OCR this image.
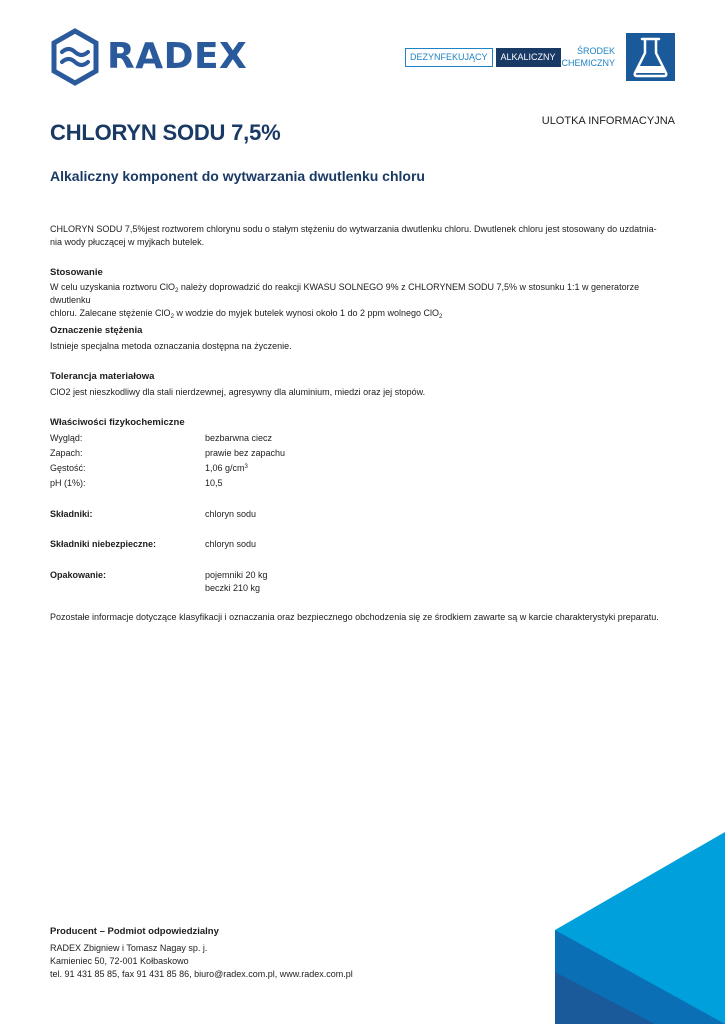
RADEX	DEZYNFEKUJĄCY	ALKALICZNY
ŚRODEK
CHEMICZNY
ULOTKA INFORMACYJNA
CHLORYN SODU 7,5%
Alkaliczny komponent do wytwarzania dwutlenku chloru
CHLORYN SODU 7,5%jest roztworem chlorynu sodu o stałym stężeniu do wytwarzania dwutlenku chloru. Dwutlenek chloru jest stosowany do uzdatnia-
nia wody płuczącej w myjkach butelek.
Stosowanie
W celu uzyskania roztworu ClO$_2$ należy doprowadzić do reakcji KWASU SOLNEGO 9% z CHLORYNEM SODU 7,5% w stosunku 1:1 w generatorze dwutlenku
chloru. Zalecane stężenie ClO$_2$ w wodzie do myjek butelek wynosi około 1 do 2 ppm wolnego ClO$_2$
Oznaczenie stężenia
Istnieje specjalna metoda oznaczania dostępna na życzenie.
Tolerancja materiałowa
ClO2 jest nieszkodliwy dla stali nierdzewnej, agresywny dla aluminium, miedzi oraz jej stopów.
Właściwości fizykochemiczne
Wygląd:	bezbarwna ciecz
Zapach:	prawie bez zapachu
Gęstość:	1,06 $g/cm^3$
pH (1%):	10,5
Składniki:	chloryn sodu
Składniki niebezpieczne:	chloryn sodu
Opakowanie:	pojemniki 20 kg
beczki 210 kg
Pozostałe informacje dotyczące klasyfikacji i oznaczania oraz bezpiecznego obchodzenia się ze środkiem zawarte są w karcie charakterystyki preparatu.
Producent – Podmiot odpowiedzialny
RADEX Zbigniew i Tomasz Nagay sp. j.
Kamieniec 50, 72-001 Kołbaskowo
tel. 91 431 85 85, fax 91 431 85 86, biuro@radex.com.pl, www.radex.com.pl
